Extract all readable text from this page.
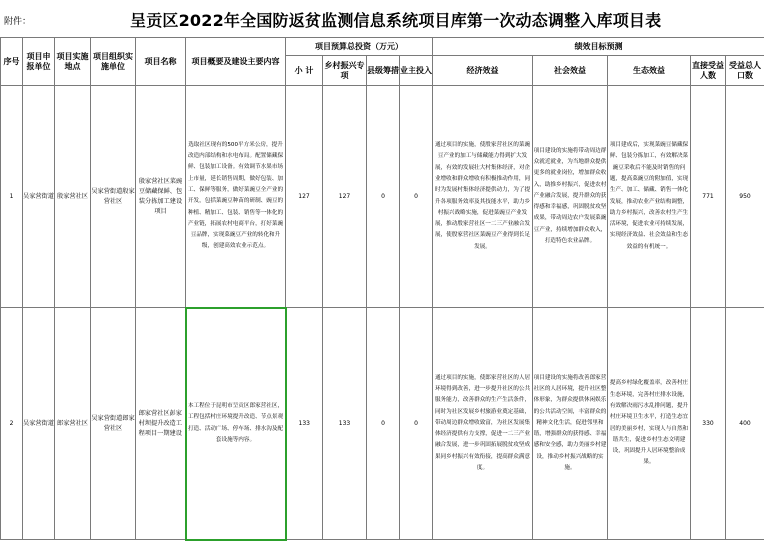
附件：	呈贡区2022年全国防返贫监测信息系统项目库第一次动态调整入库项目表
序号	项目申报单位	项目实施地点	项目组织实施单位	项目名称	项目概要及建设主要内容	项目预算总投资（万元）				绩效目标预测				
						小 计	乡村振兴专项	县级筹措	业主投入	经济效益	社会效益	生态效益	直接受益人数	受益总人口数
1	吴家营街道	殷家营社区	吴家营街道殷家营社区	殷家营社区菜豌豆储藏保鲜、包装分拣加工建设项目	选取社区现有的500平方米公房，提升改造内部结构和水电布局。配置储藏保鲜、包装加工设备。有效调节水果市场上市量，延长销售周期，做好包装、加工、保鲜等服务，做好菜豌豆全产业的开发，包括菜豌豆种苗的研制、豌豆的种植、精加工、包装、销售等一体化的产业链，拓展农村电商平台，打好菜豌豆品牌，实现菜豌豆产业的转化和升级，创建高效农业示范点。	127	127	0	0	通过项目的实施，使殷家营社区的菜豌豆产业的加工与储藏能力得到扩大发展，有效的发展壮大村集体经济，对企业增收和群众增收有积极推动作用，同时为发展村集体经济提供动力，为了提升各项服务效率及其技能水平，助力乡村振兴战略实施，促进菜豌豆产业发展，推动殷家营社区一二三产业融合发展，使殷家营社区菜豌豆产业得到长足发展。	项目建设的实施将带动周边群众就近就业，为当地群众提供更多的就业岗位，增加群众收入，助推乡村振兴，促进农村产业融合发展，提升群众的获得感和幸福感，巩固脱贫攻坚成果，带动周边农户发展菜豌豆产业，持续增加群众收入，打造特色农业品牌。	项目建成后，实现菜豌豆储藏保鲜、包装分拣加工，有效解决菜豌豆采收后不能及时销售的问题，提高菜豌豆的附加值，实现生产、加工、储藏、销售一体化发展，推动农业产业结构调整，助力乡村振兴，改善农村生产生活环境，促进农业可持续发展，实现经济效益、社会效益和生态效益的有机统一。	771	950
2	吴家营街道	郎家营社区	吴家营街道郎家营社区	郎家营社区彭家村坝提升改造工程项目一期建设	本工程位于昆明市呈贡区郎家营社区，工程包括村庄环境提升改造、节点景观打造、活动广场、停车场、排水沟及配套设施等内容。	133	133	0	0	通过项目的实施，使郎家营社区的人居环境得到改善，进一步提升社区的公共服务能力，改善群众的生产生活条件，同时为社区发展乡村旅游业奠定基础，带动周边群众增收致富，为社区发展集体经济提供有力支撑，促进一二三产业融合发展，进一步巩固拓展脱贫攻坚成果同乡村振兴有效衔接，提高群众满意度。	项目建设的实施将改善郎家营社区的人居环境，提升社区整体形象，为群众提供休闲娱乐的公共活动空间，丰富群众的精神文化生活，促进邻里和谐，增强群众的获得感、幸福感和安全感，助力美丽乡村建设，推动乡村振兴战略的实施。	提高乡村绿化覆盖率，改善村庄生态环境，完善村庄排水设施，有效解决雨污水乱排问题，提升村庄环境卫生水平，打造生态宜居的美丽乡村，实现人与自然和谐共生，促进乡村生态文明建设，巩固提升人居环境整治成果。	330	400
